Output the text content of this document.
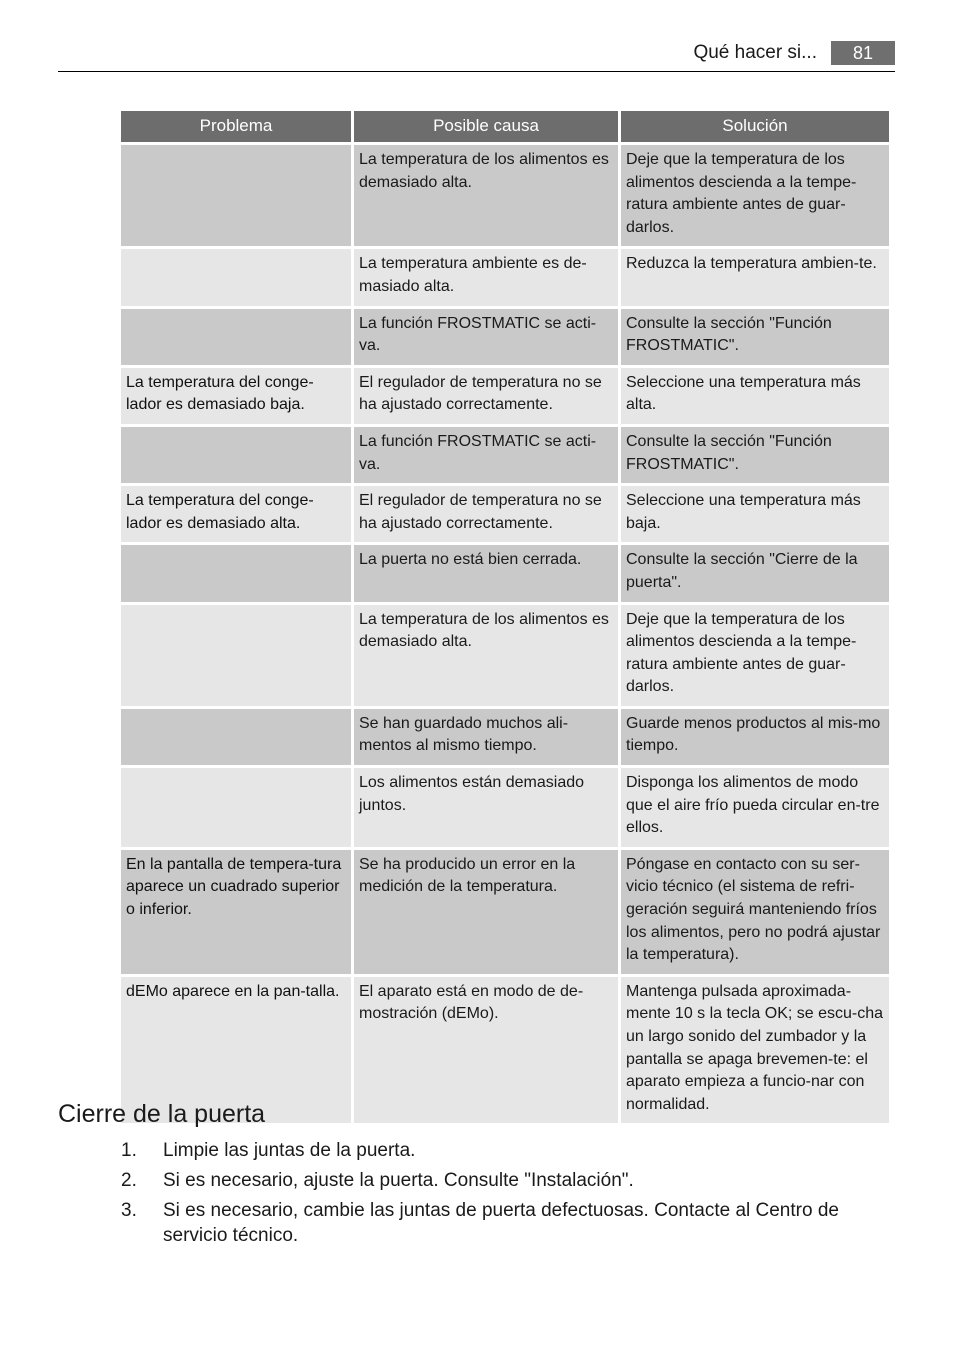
Qué hacer si...	81
Problema	Posible causa	Solución
	La temperatura de los alimentos es demasiado alta.	Deje que la temperatura de los alimentos descienda a la tempe-ratura ambiente antes de guar-darlos.
	La temperatura ambiente es de-masiado alta.	Reduzca la temperatura ambien-te.
	La función FROSTMATIC se acti-va.	Consulte la sección "Función FROSTMATIC".
La temperatura del conge-lador es demasiado baja.	El regulador de temperatura no se ha ajustado correctamente.	Seleccione una temperatura más alta.
	La función FROSTMATIC se acti-va.	Consulte la sección "Función FROSTMATIC".
La temperatura del conge-lador es demasiado alta.	El regulador de temperatura no se ha ajustado correctamente.	Seleccione una temperatura más baja.
	La puerta no está bien cerrada.	Consulte la sección "Cierre de la puerta".
	La temperatura de los alimentos es demasiado alta.	Deje que la temperatura de los alimentos descienda a la tempe-ratura ambiente antes de guar-darlos.
	Se han guardado muchos ali-mentos al mismo tiempo.	Guarde menos productos al mis-mo tiempo.
	Los alimentos están demasiado juntos.	Disponga los alimentos de modo que el aire frío pueda circular en-tre ellos.
En la pantalla de tempera-tura aparece un cuadrado superior o inferior.	Se ha producido un error en la medición de la temperatura.	Póngase en contacto con su ser-vicio técnico (el sistema de refri-geración seguirá manteniendo fríos los alimentos, pero no podrá ajustar la temperatura).
dEMo aparece en la pan-talla.	El aparato está en modo de de-mostración (dEMo).	Mantenga pulsada aproximada-mente 10 s la tecla OK; se escu-cha un largo sonido del zumbador y la pantalla se apaga brevemen-te: el aparato empieza a funcio-nar con normalidad.
Cierre de la puerta
1.	Limpie las juntas de la puerta.
2.	Si es necesario, ajuste la puerta. Consulte "Instalación".
3.	Si es necesario, cambie las juntas de puerta defectuosas. Contacte al Centro de servicio técnico.
